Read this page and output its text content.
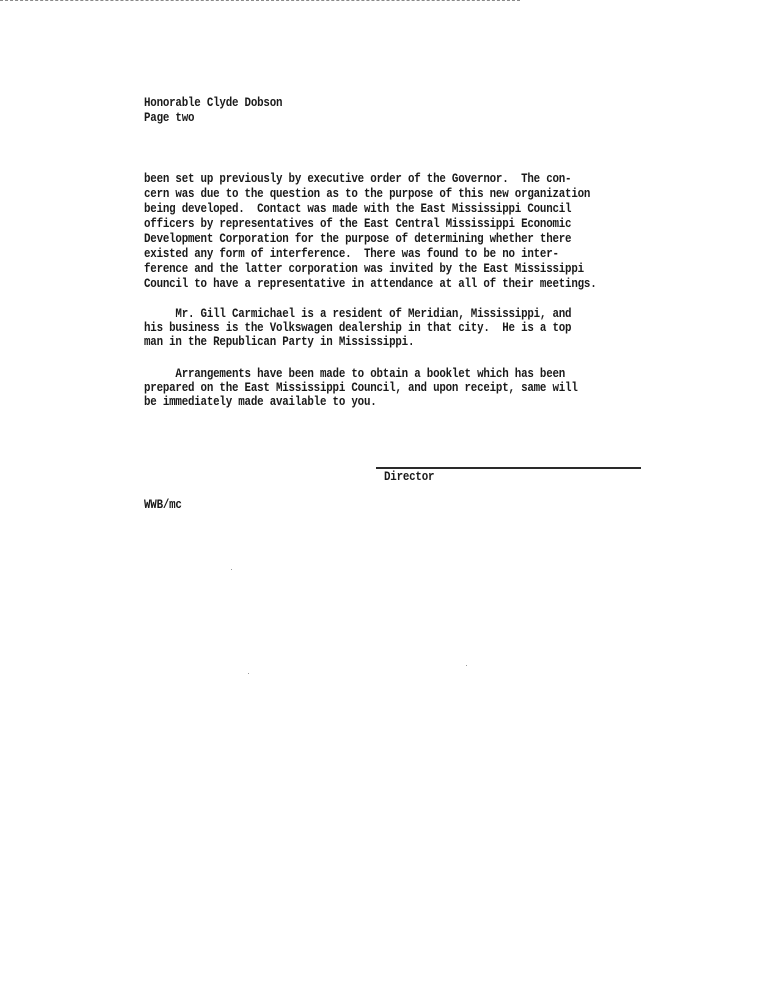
Honorable Clyde Dobson
Page two
been set up previously by executive order of the Governor.  The con-
cern was due to the question as to the purpose of this new organization
being developed.  Contact was made with the East Mississippi Council
officers by representatives of the East Central Mississippi Economic
Development Corporation for the purpose of determining whether there
existed any form of interference.  There was found to be no inter-
ference and the latter corporation was invited by the East Mississippi
Council to have a representative in attendance at all of their meetings.
Mr. Gill Carmichael is a resident of Meridian, Mississippi, and
his business is the Volkswagen dealership in that city.  He is a top
man in the Republican Party in Mississippi.
Arrangements have been made to obtain a booklet which has been
prepared on the East Mississippi Council, and upon receipt, same will
be immediately made available to you.
Director
WWB/mc
